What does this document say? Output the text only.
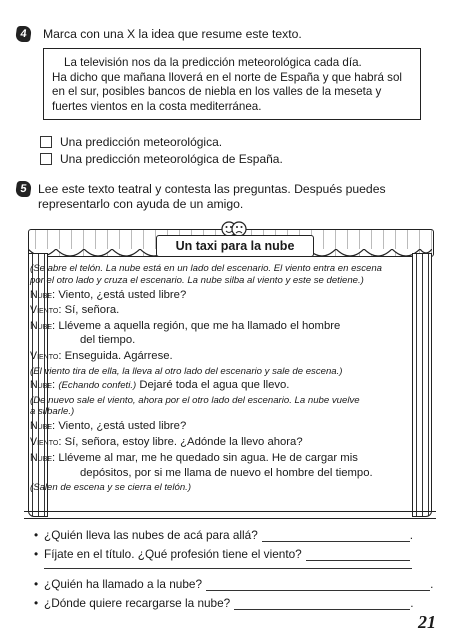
4	Marca con una X la idea que resume este texto.

La televisión nos da la predicción meteorológica cada día.
Ha dicho que mañana lloverá en el norte de España y que habrá sol
en el sur, posibles bancos de niebla en los valles de la meseta y
fuertes vientos en la costa mediterránea.

Una predicción meteorológica.
Una predicción meteorológica de España.
5 Lee este texto teatral y contesta las preguntas. Después puedes
representarlo con ayuda de un amigo.
Un taxi para la nube
(Se abre el telón. La nube está en un lado del escenario. El viento entra en escena
por el otro lado y cruza el escenario. La nube silba al viento y este se detiene.)
Nube: Viento, ¿está usted libre?
Viento: Sí, señora.
Nube: Lléveme a aquella región, que me ha llamado el hombre
del tiempo.
Viento: Enseguida. Agárrese.
(El viento tira de ella, la lleva al otro lado del escenario y sale de escena.)
Nube: (Echando confeti.) Dejaré toda el agua que llevo.
(De nuevo sale el viento, ahora por el otro lado del escenario. La nube vuelve
a silbarle.)
Nube: Viento, ¿está usted libre?
Viento: Sí, señora, estoy libre. ¿Adónde la llevo ahora?
Nube: Lléveme al mar, me he quedado sin agua. He de cargar mis
depósitos, por si me llama de nuevo el hombre del tiempo.
(Salen de escena y se cierra el telón.)
• ¿Quién lleva las nubes de acá para allá?	.
• Fíjate en el título. ¿Qué profesión tiene el viento?
• ¿Quién ha llamado a la nube?	.
• ¿Dónde quiere recargarse la nube?	.
21
